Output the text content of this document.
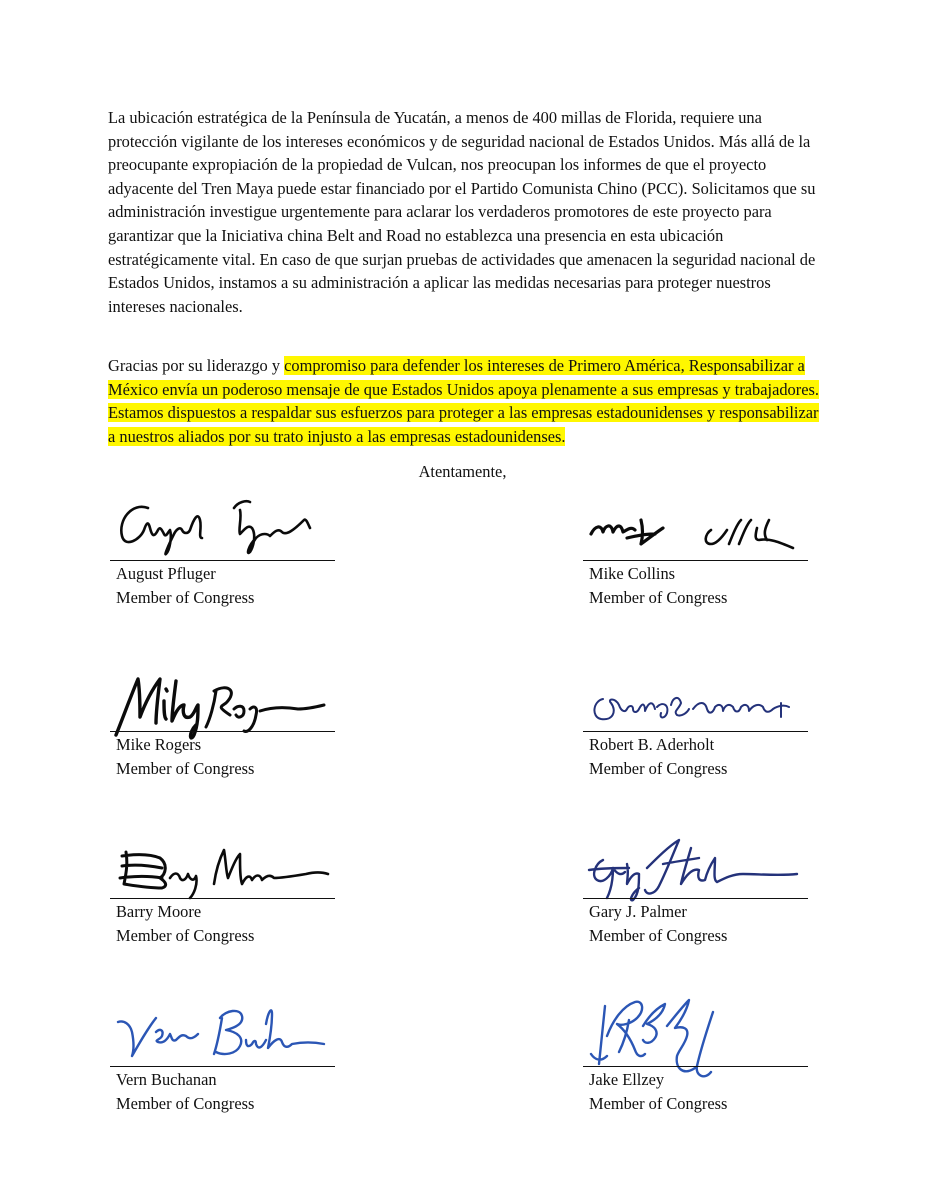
La ubicación estratégica de la Península de Yucatán, a menos de 400 millas de Florida, requiere una protección vigilante de los intereses económicos y de seguridad nacional de Estados Unidos. Más allá de la preocupante expropiación de la propiedad de Vulcan, nos preocupan los informes de que el proyecto adyacente del Tren Maya puede estar financiado por el Partido Comunista Chino (PCC). Solicitamos que su administración investigue urgentemente para aclarar los verdaderos promotores de este proyecto para garantizar que la Iniciativa china Belt and Road no establezca una presencia en esta ubicación estratégicamente vital. En caso de que surjan pruebas de actividades que amenacen la seguridad nacional de Estados Unidos, instamos a su administración a aplicar las medidas necesarias para proteger nuestros intereses nacionales.

Gracias por su liderazgo y compromiso para defender los intereses de Primero América, Responsabilizar a México envía un poderoso mensaje de que Estados Unidos apoya plenamente a sus empresas y trabajadores. Estamos dispuestos a respaldar sus esfuerzos para proteger a las empresas estadounidenses y responsabilizar a nuestros aliados por su trato injusto a las empresas estadounidenses.

Atentamente,
August Pfluger
Member of Congress
Mike Collins
Member of Congress
Mike Rogers
Member of Congress
Robert B. Aderholt
Member of Congress
Barry Moore
Member of Congress
Gary J. Palmer
Member of Congress
Vern Buchanan
Member of Congress
Jake Ellzey
Member of Congress
